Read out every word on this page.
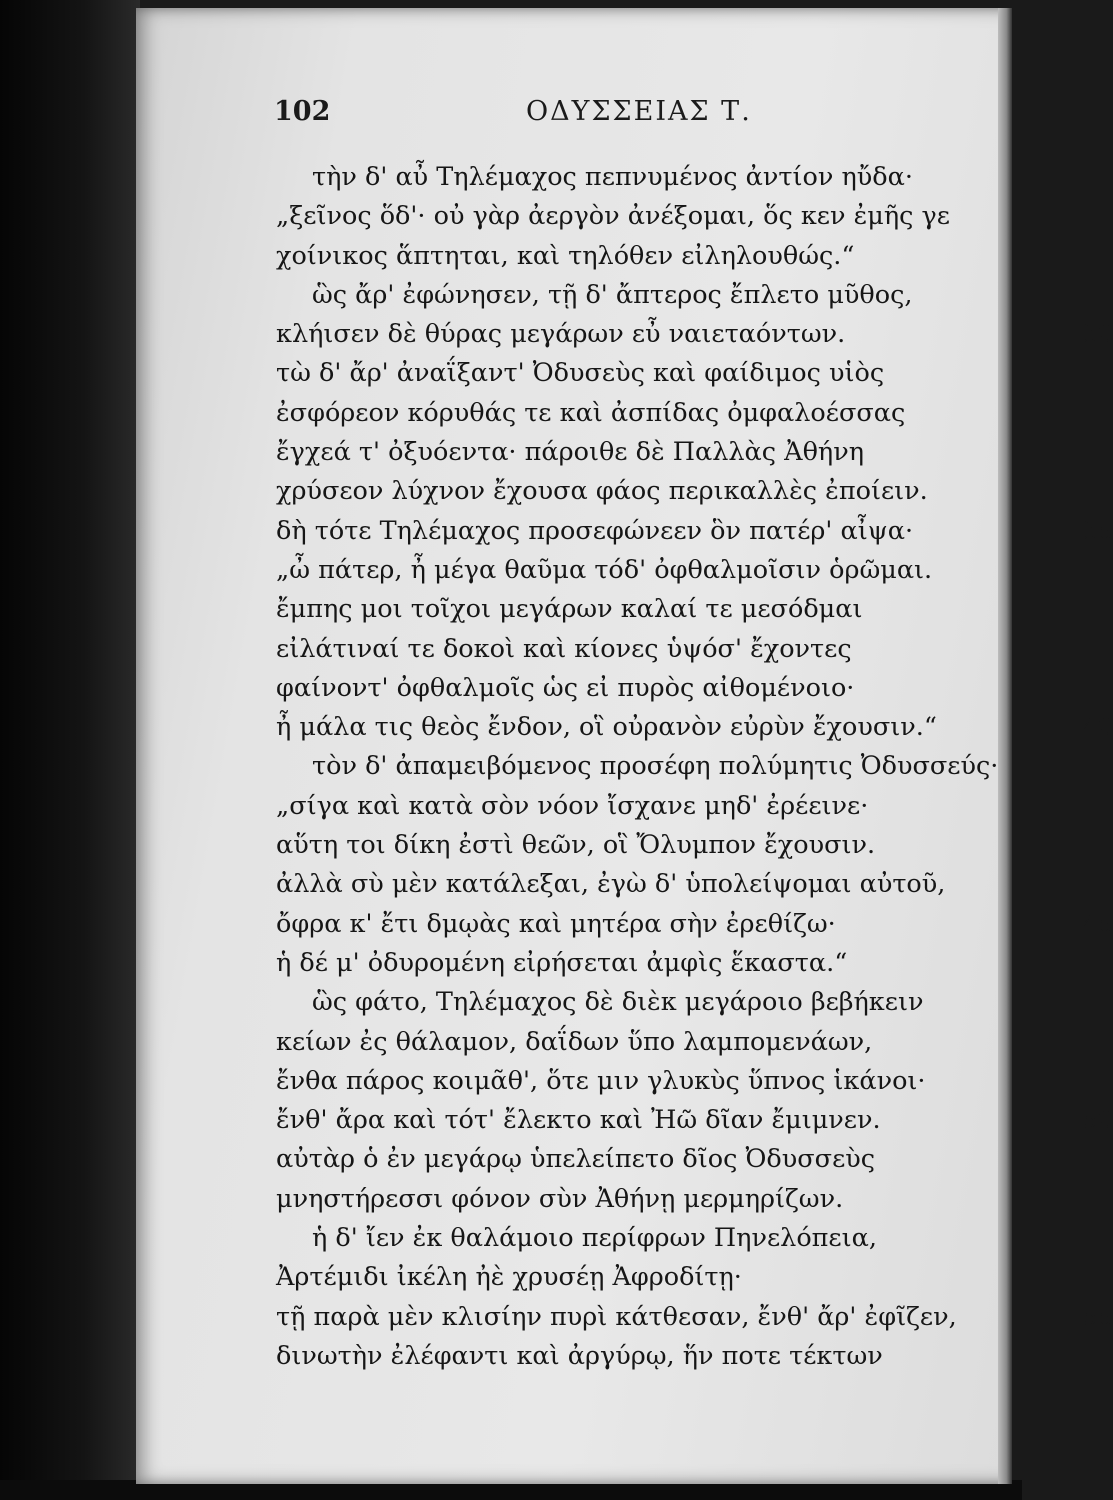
102	ΟΔΥΣΣΕΙΑΣ Τ.
τὴν δ' αὖ Τηλέμαχος πεπνυμένος ἀντίον ηὔδα·
„ξεῖνος ὅδ'· οὐ γὰρ ἀεργὸν ἀνέξομαι, ὅς κεν ἐμῆς γε
χοίνικος ἅπτηται, καὶ τηλόθεν εἰληλουθώς.“
ὣς ἄρ' ἐφώνησεν, τῇ δ' ἄπτερος ἔπλετο μῦθος,
κλήισεν δὲ θύρας μεγάρων εὖ ναιεταόντων.	30
τὼ δ' ἄρ' ἀναΐξαντ' Ὀδυσεὺς καὶ φαίδιμος υἱὸς
ἐσφόρεον κόρυθάς τε καὶ ἀσπίδας ὀμφαλοέσσας
ἔγχεά τ' ὀξυόεντα· πάροιθε δὲ Παλλὰς Ἀθήνη
χρύσεον λύχνον ἔχουσα φάος περικαλλὲς ἐποίειν.
δὴ τότε Τηλέμαχος προσεφώνεεν ὃν πατέρ' αἶψα·	35
„ὦ πάτερ, ἦ μέγα θαῦμα τόδ' ὀφθαλμοῖσιν ὁρῶμαι.
ἔμπης μοι τοῖχοι μεγάρων καλαί τε μεσόδμαι
εἰλάτιναί τε δοκοὶ καὶ κίονες ὑψόσ' ἔχοντες
φαίνοντ' ὀφθαλμοῖς ὡς εἰ πυρὸς αἰθομένοιο·
ἦ μάλα τις θεὸς ἔνδον, οἳ οὐρανὸν εὐρὺν ἔχουσιν.“	40
τὸν δ' ἀπαμειβόμενος προσέφη πολύμητις Ὀδυσσεύς·
„σίγα καὶ κατὰ σὸν νόον ἴσχανε μηδ' ἐρέεινε·
αὕτη τοι δίκη ἐστὶ θεῶν, οἳ Ὄλυμπον ἔχουσιν.
ἀλλὰ σὺ μὲν κατάλεξαι, ἐγὼ δ' ὑπολείψομαι αὐτοῦ,
ὄφρα κ' ἔτι δμῳὰς καὶ μητέρα σὴν ἐρεθίζω·	45
ἡ δέ μ' ὀδυρομένη εἰρήσεται ἀμφὶς ἕκαστα.“
ὣς φάτο, Τηλέμαχος δὲ διὲκ μεγάροιο βεβήκειν
κείων ἐς θάλαμον, δαΐδων ὕπο λαμπομενάων,
ἔνθα πάρος κοιμᾶθ', ὅτε μιν γλυκὺς ὕπνος ἱκάνοι·
ἔνθ' ἄρα καὶ τότ' ἔλεκτο καὶ Ἠῶ δῖαν ἔμιμνεν.	50
αὐτὰρ ὁ ἐν μεγάρῳ ὑπελείπετο δῖος Ὀδυσσεὺς
μνηστήρεσσι φόνον σὺν Ἀθήνῃ μερμηρίζων.
ἡ δ' ἴεν ἐκ θαλάμοιο περίφρων Πηνελόπεια,
Ἀρτέμιδι ἰκέλη ἠὲ χρυσέῃ Ἀφροδίτῃ·
τῇ παρὰ μὲν κλισίην πυρὶ κάτθεσαν, ἔνθ' ἄρ' ἐφῖζεν,	55
δινωτὴν ἐλέφαντι καὶ ἀργύρῳ, ἥν ποτε τέκτων
